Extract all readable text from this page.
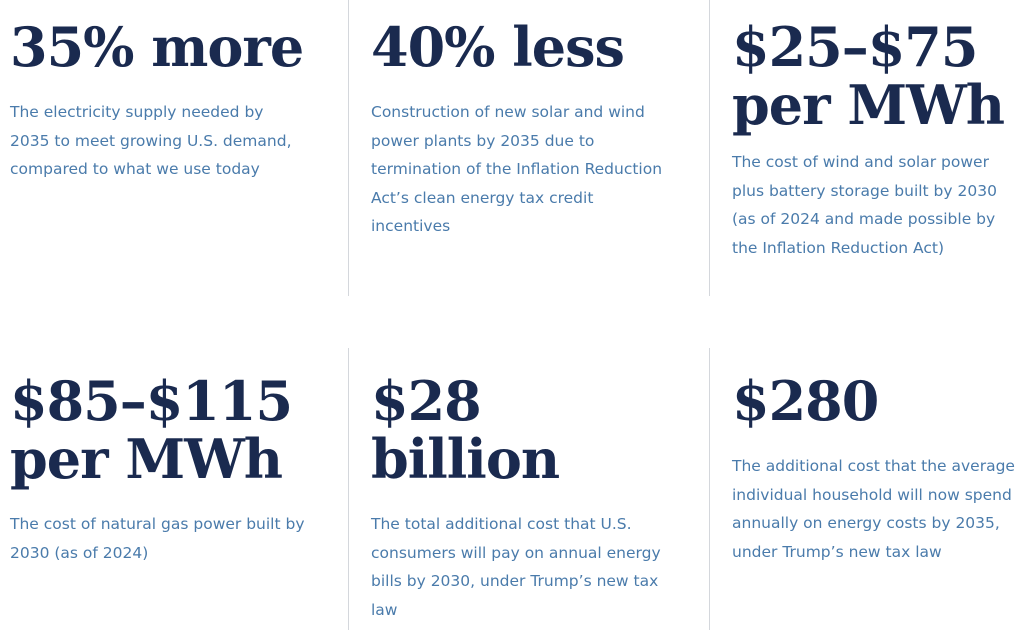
35% more

The electricity supply needed by 2035 to meet growing U.S. demand, compared to what we use today

40% less

Construction of new solar and wind power plants by 2035 due to termination of the Inflation Reduction Act’s clean energy tax credit incentives

$25–$75
per MWh

The cost of wind and solar power plus battery storage built by 2030 (as of 2024 and made possible by the Inflation Reduction Act)

$85–$115
per MWh

The cost of natural gas power built by 2030 (as of 2024)

$28
billion

The total additional cost that U.S. consumers will pay on annual energy bills by 2030, under Trump’s new tax law

$280

The additional cost that the average individual household will now spend annually on energy costs by 2035, under Trump’s new tax law
